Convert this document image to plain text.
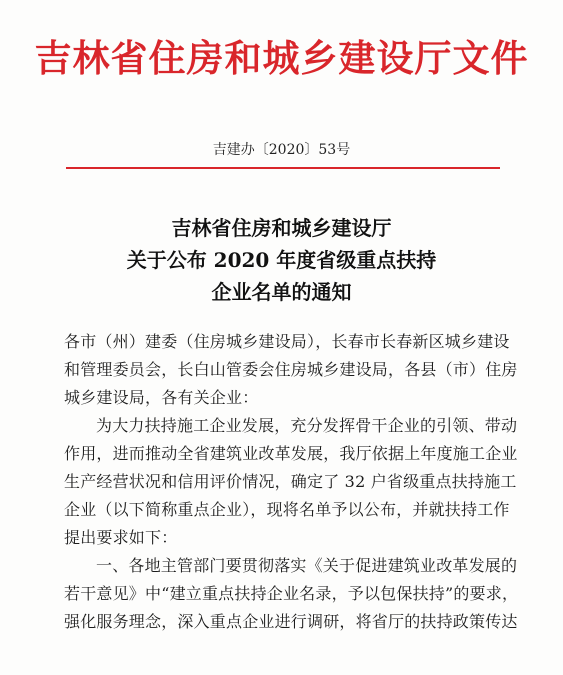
吉林省住房和城乡建设厅文件
吉建办〔2020〕53号
吉林省住房和城乡建设厅
关于公布 2020 年度省级重点扶持
企业名单的通知
各市（州）建委（住房城乡建设局），长春市长春新区城乡建设
和管理委员会，长白山管委会住房城乡建设局，各县（市）住房
城乡建设局，各有关企业：
为大力扶持施工企业发展，充分发挥骨干企业的引领、带动
作用，进而推动全省建筑业改革发展，我厅依据上年度施工企业
生产经营状况和信用评价情况，确定了 32 户省级重点扶持施工
企业（以下简称重点企业），现将名单予以公布，并就扶持工作
提出要求如下：
一、各地主管部门要贯彻落实《关于促进建筑业改革发展的
若干意见》中“建立重点扶持企业名录，予以包保扶持”的要求，
强化服务理念，深入重点企业进行调研，将省厅的扶持政策传达
